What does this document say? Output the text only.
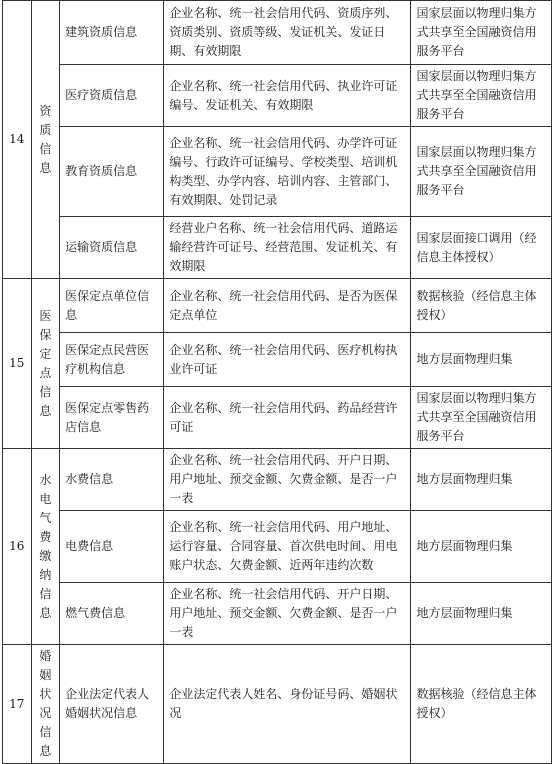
14	资质信息	建筑资质信息	企业名称、统一社会信用代码、资质序列、资质类别、资质等级、发证机关、发证日期、有效期限	国家层面以物理归集方式共享至全国融资信用服务平台
		医疗资质信息	企业名称、统一社会信用代码、执业许可证编号、发证机关、有效期限	国家层面以物理归集方式共享至全国融资信用服务平台
		教育资质信息	企业名称、统一社会信用代码、办学许可证编号、行政许可证编号、学校类型、培训机构类型、办学内容、培训内容、主管部门、有效期限、处罚记录	国家层面以物理归集方式共享至全国融资信用服务平台
		运输资质信息	经营业户名称、统一社会信用代码、道路运输经营许可证号、经营范围、发证机关、有效期限	国家层面接口调用（经信息主体授权）
15	医保定点信息	医保定点单位信息	企业名称、统一社会信用代码、是否为医保定点单位	数据核验（经信息主体授权）
		医保定点民营医疗机构信息	企业名称、统一社会信用代码、医疗机构执业许可证	地方层面物理归集
		医保定点零售药店信息	企业名称、统一社会信用代码、药品经营许可证	国家层面以物理归集方式共享至全国融资信用服务平台
16	水电气费缴纳信息	水费信息	企业名称、统一社会信用代码、开户日期、用户地址、预交金额、欠费金额、是否一户一表	地方层面物理归集
		电费信息	企业名称、统一社会信用代码、用户地址、运行容量、合同容量、首次供电时间、用电账户状态、欠费金额、近两年违约次数	地方层面物理归集
		燃气费信息	企业名称、统一社会信用代码、开户日期、用户地址、预交金额、欠费金额、是否一户一表	地方层面物理归集
17	婚姻状况信息	企业法定代表人婚姻状况信息	企业法定代表人姓名、身份证号码、婚姻状况	数据核验（经信息主体授权）
